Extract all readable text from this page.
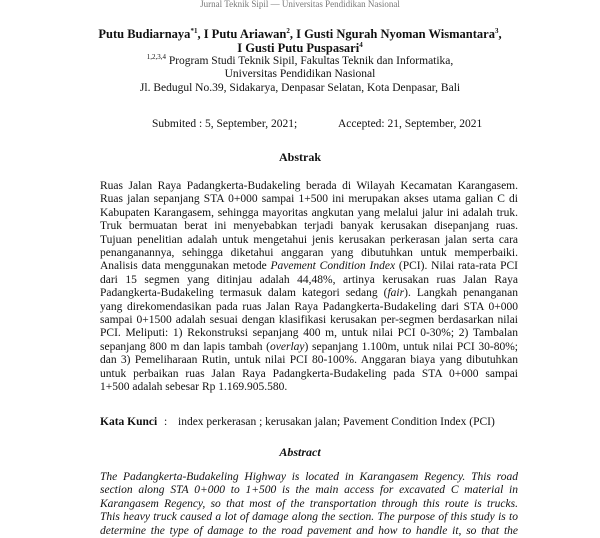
Jurnal Teknik Sipil — Universitas Pendidikan Nasional
Putu Budiarnaya$^{*1}$, I Putu Ariawan$^2$, I Gusti Ngurah Nyoman Wismantara$^3$,
I Gusti Putu Puspasari$^4$
$^{1,2,3,4}$ Program Studi Teknik Sipil, Fakultas Teknik dan Informatika,
Universitas Pendidikan Nasional
Jl. Bedugul No.39, Sidakarya, Denpasar Selatan, Kota Denpasar, Bali
Submited : 5, September, 2021;	Accepted: 21, September, 2021
Abstrak
Ruas Jalan Raya Padangkerta-Budakeling berada di Wilayah Kecamatan Karangasem.
Ruas jalan sepanjang STA 0+000 sampai 1+500 ini merupakan akses utama galian C di
Kabupaten Karangasem, sehingga mayoritas angkutan yang melalui jalur ini adalah truk.
Truk bermuatan berat ini menyebabkan terjadi banyak kerusakan disepanjang ruas.
Tujuan penelitian adalah untuk mengetahui jenis kerusakan perkerasan jalan serta cara
penanganannya, sehingga diketahui anggaran yang dibutuhkan untuk memperbaiki.
Analisis data menggunakan metode Pavement Condition Index (PCI). Nilai rata-rata PCI
dari 15 segmen yang ditinjau adalah 44,48%, artinya kerusakan ruas Jalan Raya
Padangkerta-Budakeling termasuk dalam kategori sedang (fair). Langkah penanganan
yang direkomendasikan pada ruas Jalan Raya Padangkerta-Budakeling dari STA 0+000
sampai 0+1500 adalah sesuai dengan klasifikasi kerusakan per-segmen berdasarkan nilai
PCI. Meliputi: 1) Rekonstruksi sepanjang 400 m, untuk nilai PCI 0-30%; 2) Tambalan
sepanjang 800 m dan lapis tambah (overlay) sepanjang 1.100m, untuk nilai PCI 30-80%;
dan 3) Pemeliharaan Rutin, untuk nilai PCI 80-100%. Anggaran biaya yang dibutuhkan
untuk perbaikan ruas Jalan Raya Padangkerta-Budakeling pada STA 0+000 sampai
1+500 adalah sebesar Rp 1.169.905.580.
Kata Kunci : index perkerasan ; kerusakan jalan; Pavement Condition Index (PCI)
Abstract
The Padangkerta-Budakeling Highway is located in Karangasem Regency. This road
section along STA 0+000 to 1+500 is the main access for excavated C material in
Karangasem Regency, so that most of the transportation through this route is trucks.
This heavy truck caused a lot of damage along the section. The purpose of this study is to
determine the type of damage to the road pavement and how to handle it, so that the
